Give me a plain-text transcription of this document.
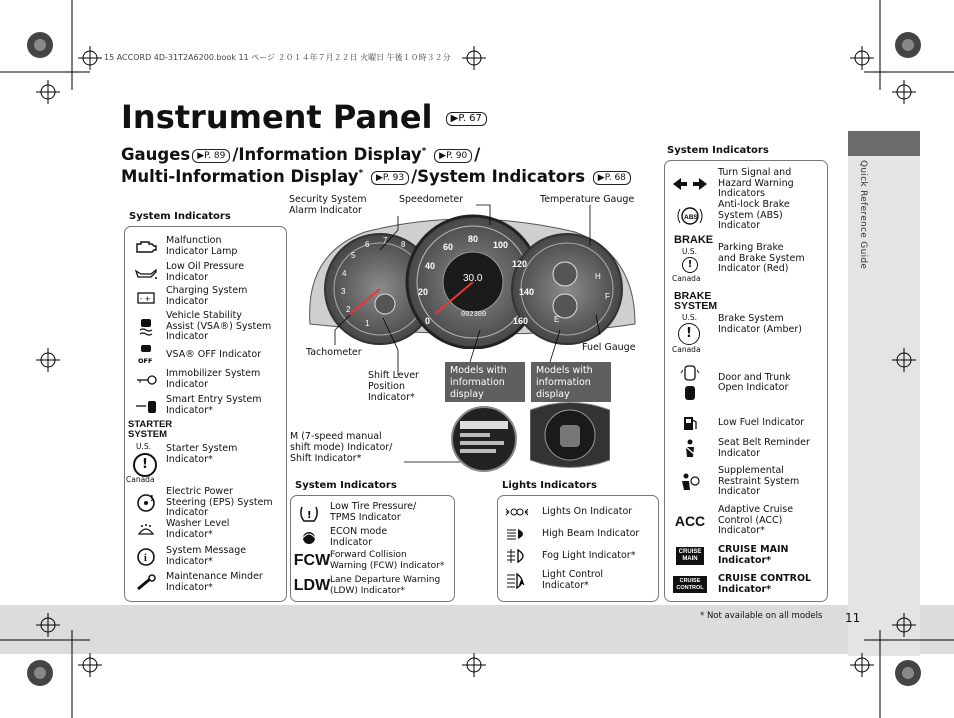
Quick Reference Guide
15 ACCORD 4D-31T2A6200.book 11 ページ ２０１４年７月２２日 火曜日 午後１０時３２分
Instrument Panel ▶P. 67
Gauges ▶P. 89 /Information Display* ▶P. 90 /
Multi-Information Display* ▶P. 93 /System Indicators ▶P. 68
0
20
40
60
80
100
120
140
160
1
2
3
4
5
6 7 8
30.0
002300
H
F
E
Security System
Alarm Indicator
Speedometer	Temperature Gauge
Tachometer	Fuel Gauge
Shift Lever
Position
Indicator*
M (7-speed manual
shift mode) Indicator/
Shift Indicator*
Models with
information
display
Models with
information
display
System Indicators
Malfunction
Indicator Lamp
Low Oil Pressure
Indicator
- +
Charging System
Indicator
Vehicle Stability
Assist (VSA®) System
Indicator
OFF
VSA® OFF Indicator
Immobilizer System
Indicator
Smart Entry System
Indicator*
STARTER
SYSTEM
U.S.
!
Canada
Starter System
Indicator*
!
Electric Power
Steering (EPS) System
Indicator
Washer Level
Indicator*
i
System Message
Indicator*
Maintenance Minder
Indicator*
System Indicators
!
Low Tire Pressure/
TPMS Indicator
ECON mode
Indicator
FCW Forward Collision
Warning (FCW) Indicator*
LDW Lane Departure Warning
(LDW) Indicator*
Lights Indicators
Lights On Indicator
High Beam Indicator
Fog Light Indicator*
A
Light Control
Indicator*
System Indicators
Turn Signal and
Hazard Warning
Indicators
ABS
Anti-lock Brake
System (ABS)
Indicator
BRAKE
U.S.
!
Canada
Parking Brake
and Brake System
Indicator (Red)
BRAKE
SYSTEM
U.S.
!
Canada
Brake System
Indicator (Amber)
Door and Trunk
Open Indicator
Low Fuel Indicator
Seat Belt Reminder
Indicator
Supplemental
Restraint System
Indicator
ACC
Adaptive Cruise
Control (ACC)
Indicator*
CRUISE
MAIN
CRUISE MAIN
Indicator*
CRUISE
CONTROL
CRUISE CONTROL
Indicator*
* Not available on all models 11
